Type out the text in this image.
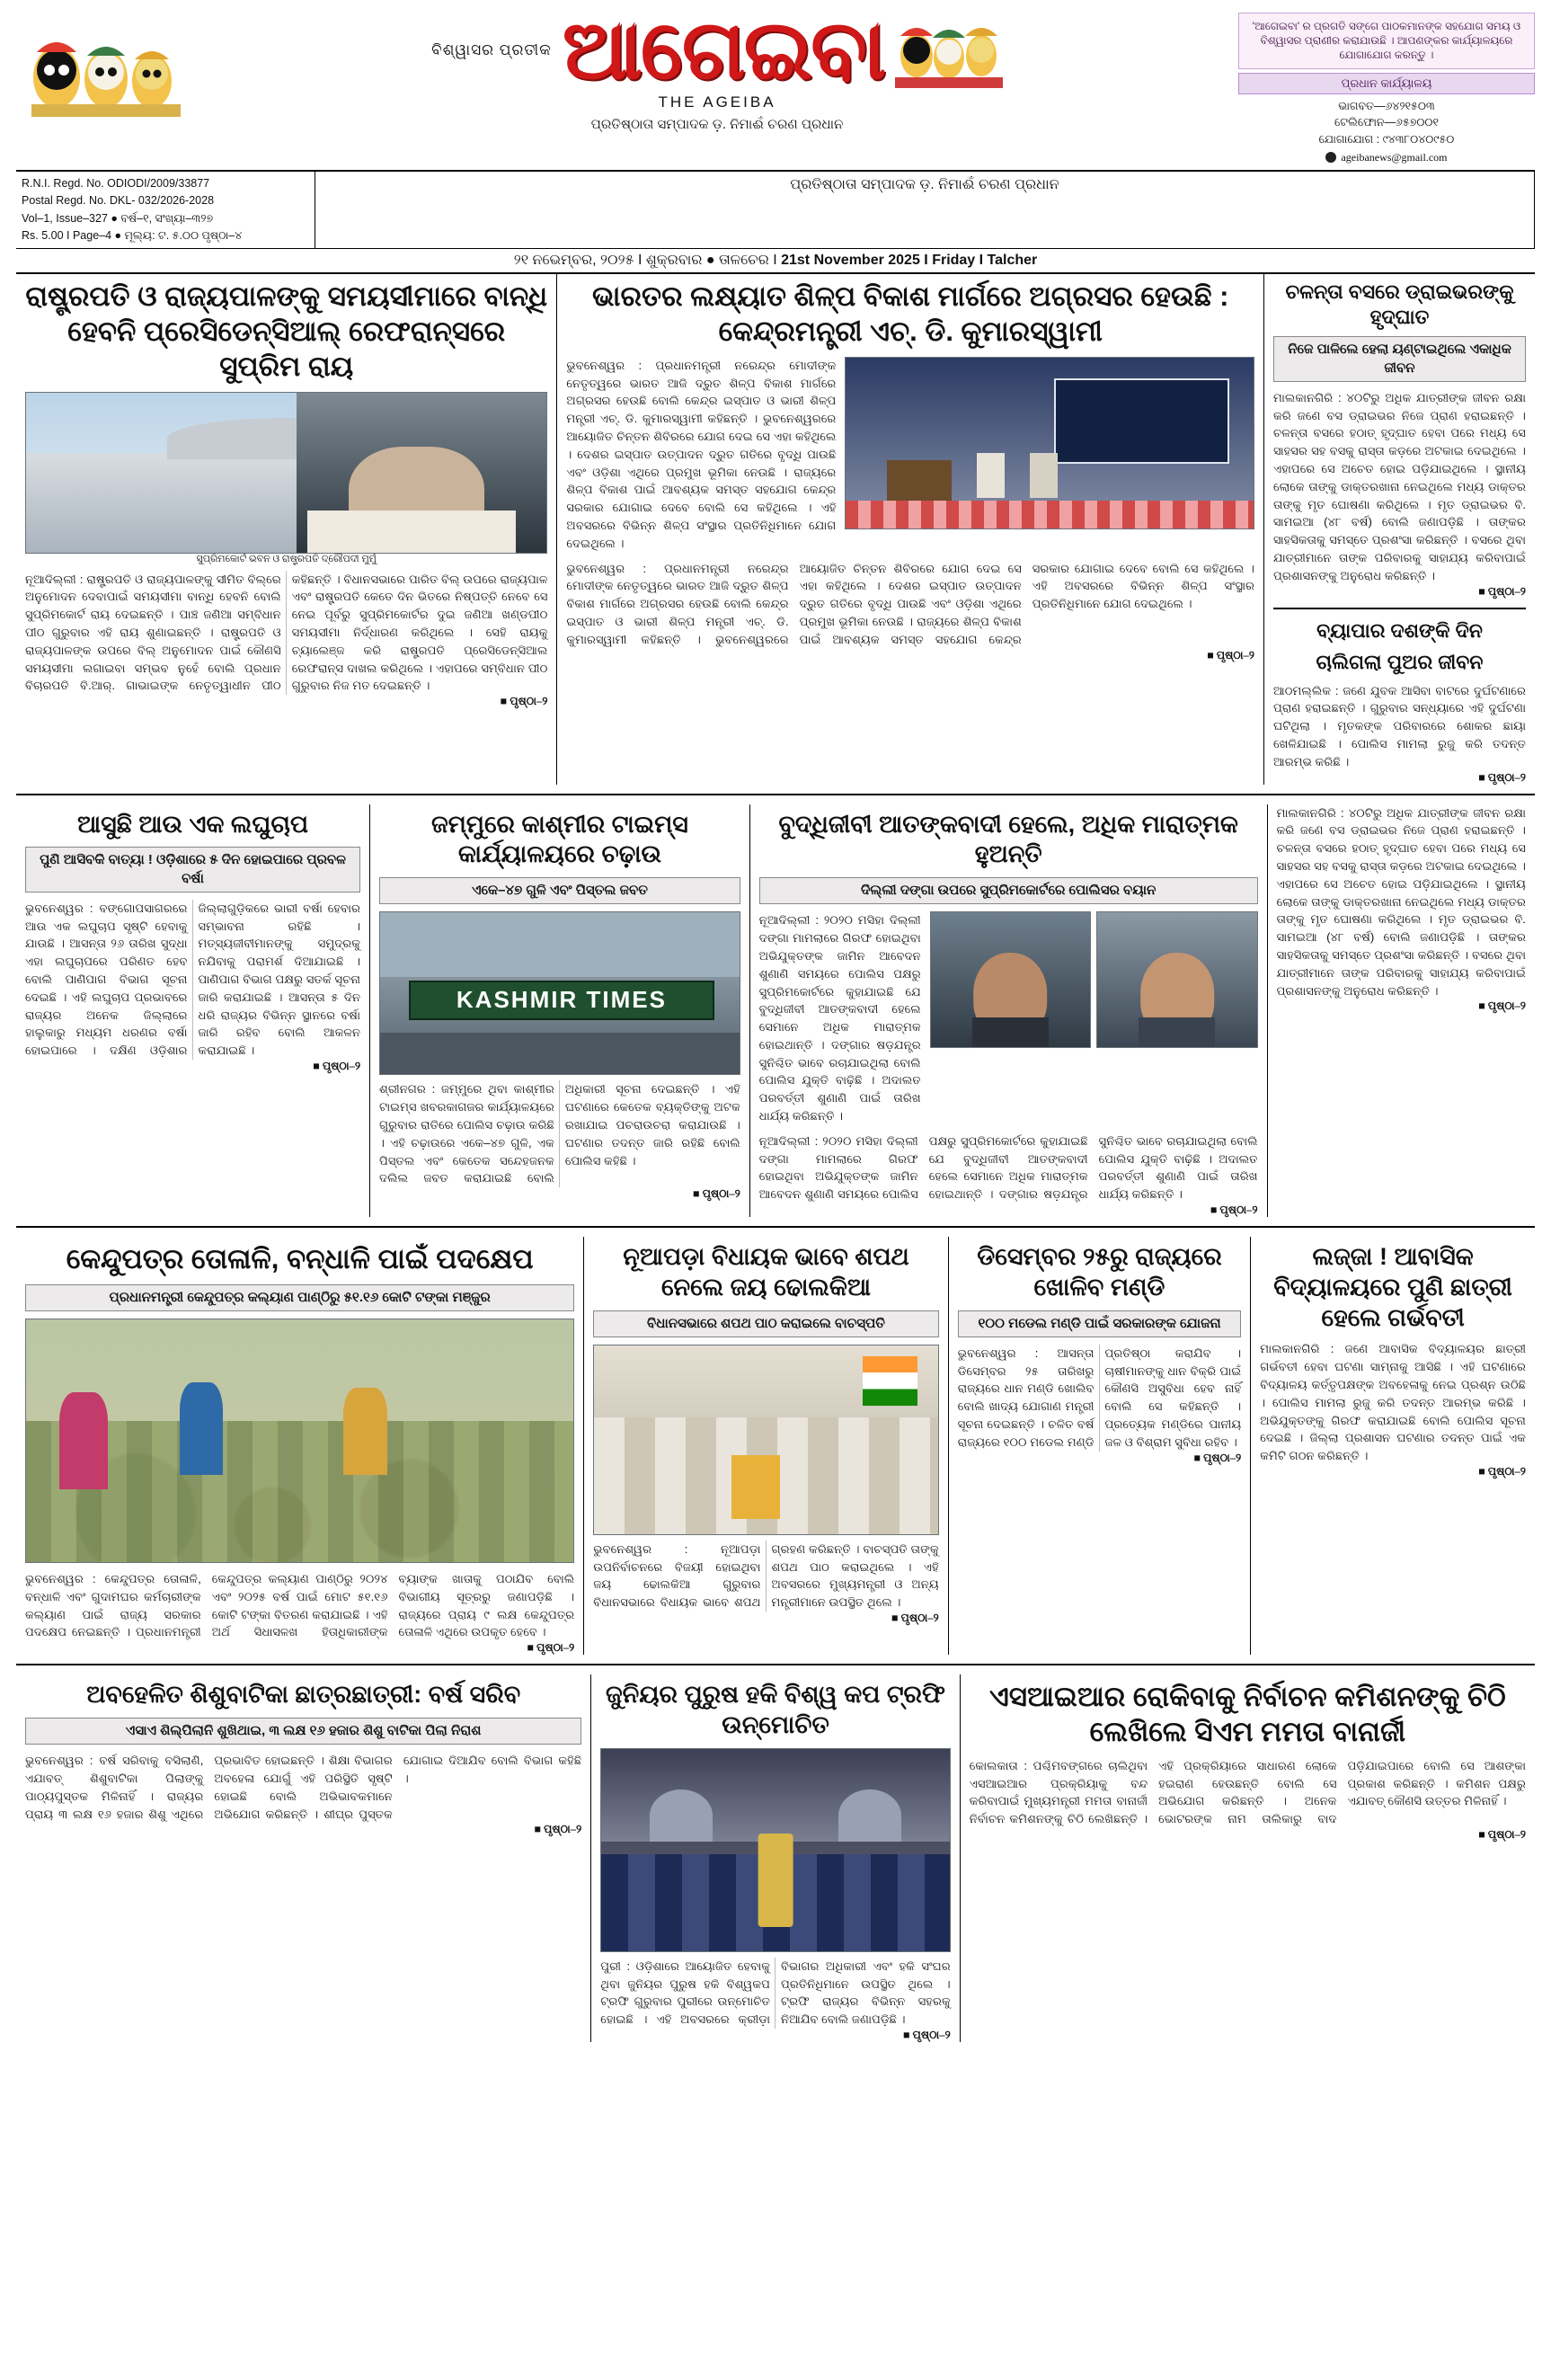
ବିଶ୍ୱାସର ପ୍ରତୀକ ଆଗେଇବା
THE AGEIBA
ପ୍ରତିଷ୍ଠାତା ସମ୍ପାଦକ ଡ଼. ନିମାଈଁ ଚରଣ ପ୍ରଧାନ
'ଆଗେଇବା' ର ପ୍ରଗତି ସଙ୍ଗେ ପାଠକମାନଙ୍କ ସହଯୋଗ ସମୟ ଓ ବିଶ୍ୱାସର ପ୍ରାଣୀର କରାଯାଉଛି । ଆପଣଙ୍କର କାର୍ଯ୍ୟାଳୟରେ ଯୋଗାଯୋଗ କରନ୍ତୁ ।
ପ୍ରଧାନ କାର୍ଯ୍ୟାଳୟ
ଭାଗବତ—୬୪୨୧୫୦୩
ଟେଲିଫୋନ—୬୫୭୦୦୧
ଯୋଗାଯୋଗ : ୯୪୩୮୦୪୦୯୫୦
ageibanews@gmail.com
R.N.I. Regd. No. ODIODI/2009/33877
Postal Regd. No. DKL- 032/2026-2028
Vol–1, Issue–327 ● ବର୍ଷ–୧, ସଂଖ୍ୟା–୩୨୭
Rs. 5.00 I Page–4 ● ମୂଲ୍ୟ: ଟ. ୫.୦୦ ପୃଷ୍ଠା–୪
ପ୍ରତିଷ୍ଠାତା ସମ୍ପାଦକ ଡ଼. ନିମାଈଁ ଚରଣ ପ୍ରଧାନ
୨୧ ନଭେମ୍ବର, ୨୦୨୫ I ଶୁକ୍ରବାର ● ତାଳଚେର I 21st November 2025 I Friday I Talcher
ରାଷ୍ଟ୍ରପତି ଓ ରାଜ୍ୟପାଳଙ୍କୁ ସମୟସୀମାରେ ବାନ୍ଧି ହେବନି ପ୍ରେସିଡେନ୍ସିଆଲ୍ ରେଫରାନ୍ସରେ ସୁପ୍ରିମ ରାୟ
ସୁପ୍ରିମକୋର୍ଟ ଭବନ ଓ ରାଷ୍ଟ୍ରପତି ଦ୍ରୌପଦୀ ମୁର୍ମୁ
ନୂଆଦିଲ୍ଲୀ : ରାଷ୍ଟ୍ରପତି ଓ ରାଜ୍ୟପାଳଙ୍କୁ ସୀମିତ ବିଲ୍‌ରେ ଅନୁମୋଦନ ଦେବାପାଇଁ ସମୟସୀମା ବାନ୍ଧି ହେବନି ବୋଲି ସୁପ୍ରିମକୋର୍ଟ ରାୟ ଦେଇଛନ୍ତି । ପାଞ୍ଚ ଜଣିଆ ସମ୍ବିଧାନ ପୀଠ ଗୁରୁବାର ଏହି ରାୟ ଶୁଣାଇଛନ୍ତି । ରାଷ୍ଟ୍ରପତି ଓ ରାଜ୍ୟପାଳଙ୍କ ଉପରେ ବିଲ୍ ଅନୁମୋଦନ ପାଇଁ କୌଣସି ସମୟସୀମା ଲଗାଇବା ସମ୍ଭବ ନୁହେଁ ବୋଲି ପ୍ରଧାନ ବିଚାରପତି ବି.ଆର୍. ଗାଭାଇଙ୍କ ନେତୃତ୍ୱାଧୀନ ପୀଠ କହିଛନ୍ତି । ବିଧାନସଭାରେ ପାରିତ ବିଲ୍ ଉପରେ ରାଜ୍ୟପାଳ ଏବଂ ରାଷ୍ଟ୍ରପତି କେତେ ଦିନ ଭିତରେ ନିଷ୍ପତ୍ତି ନେବେ ସେ ନେଇ ପୂର୍ବରୁ ସୁପ୍ରିମକୋର୍ଟର ଦୁଇ ଜଣିଆ ଖଣ୍ଡପୀଠ ସମୟସୀମା ନିର୍ଦ୍ଧାରଣ କରିଥିଲେ । ସେହି ରାୟକୁ ଚ୍ୟାଲେଞ୍ଜ କରି ରାଷ୍ଟ୍ରପତି ପ୍ରେସିଡେନ୍ସିଆଲ ରେଫରାନ୍ସ ଦାଖଲ କରିଥିଲେ । ଏହାପରେ ସମ୍ବିଧାନ ପୀଠ ଗୁରୁବାର ନିଜ ମତ ଦେଇଛନ୍ତି ।
■ ପୃଷ୍ଠା–୨
ଭାରତର ଲକ୍ଷ୍ୟାତ ଶିଳ୍ପ ବିକାଶ ମାର୍ଗରେ ଅଗ୍ରସର ହେଉଛି : କେନ୍ଦ୍ରମନ୍ତ୍ରୀ ଏଚ୍. ଡି. କୁମାରସ୍ୱାମୀ
ଭୁବନେଶ୍ୱର : ପ୍ରଧାନମନ୍ତ୍ରୀ ନରେନ୍ଦ୍ର ମୋଦୀଙ୍କ ନେତୃତ୍ୱରେ ଭାରତ ଆଜି ଦ୍ରୁତ ଶିଳ୍ପ ବିକାଶ ମାର୍ଗରେ ଅଗ୍ରସର ହେଉଛି ବୋଲି କେନ୍ଦ୍ର ଇସ୍ପାତ ଓ ଭାରୀ ଶିଳ୍ପ ମନ୍ତ୍ରୀ ଏଚ୍. ଡି. କୁମାରସ୍ୱାମୀ କହିଛନ୍ତି । ଭୁବନେଶ୍ୱରରେ ଆୟୋଜିତ ଚିନ୍ତନ ଶିବିରରେ ଯୋଗ ଦେଇ ସେ ଏହା କହିଥିଲେ । ଦେଶର ଇସ୍ପାତ ଉତ୍ପାଦନ ଦ୍ରୁତ ଗତିରେ ବୃଦ୍ଧି ପାଉଛି ଏବଂ ଓଡ଼ିଶା ଏଥିରେ ପ୍ରମୁଖ ଭୂମିକା ନେଉଛି । ରାଜ୍ୟରେ ଶିଳ୍ପ ବିକାଶ ପାଇଁ ଆବଶ୍ୟକ ସମସ୍ତ ସହଯୋଗ କେନ୍ଦ୍ର ସରକାର ଯୋଗାଇ ଦେବେ ବୋଲି ସେ କହିଥିଲେ । ଏହି ଅବସରରେ ବିଭିନ୍ନ ଶିଳ୍ପ ସଂସ୍ଥାର ପ୍ରତିନିଧିମାନେ ଯୋଗ ଦେଇଥିଲେ ।
ଭୁବନେଶ୍ୱର : ପ୍ରଧାନମନ୍ତ୍ରୀ ନରେନ୍ଦ୍ର ମୋଦୀଙ୍କ ନେତୃତ୍ୱରେ ଭାରତ ଆଜି ଦ୍ରୁତ ଶିଳ୍ପ ବିକାଶ ମାର୍ଗରେ ଅଗ୍ରସର ହେଉଛି ବୋଲି କେନ୍ଦ୍ର ଇସ୍ପାତ ଓ ଭାରୀ ଶିଳ୍ପ ମନ୍ତ୍ରୀ ଏଚ୍. ଡି. କୁମାରସ୍ୱାମୀ କହିଛନ୍ତି । ଭୁବନେଶ୍ୱରରେ ଆୟୋଜିତ ଚିନ୍ତନ ଶିବିରରେ ଯୋଗ ଦେଇ ସେ ଏହା କହିଥିଲେ । ଦେଶର ଇସ୍ପାତ ଉତ୍ପାଦନ ଦ୍ରୁତ ଗତିରେ ବୃଦ୍ଧି ପାଉଛି ଏବଂ ଓଡ଼ିଶା ଏଥିରେ ପ୍ରମୁଖ ଭୂମିକା ନେଉଛି । ରାଜ୍ୟରେ ଶିଳ୍ପ ବିକାଶ ପାଇଁ ଆବଶ୍ୟକ ସମସ୍ତ ସହଯୋଗ କେନ୍ଦ୍ର ସରକାର ଯୋଗାଇ ଦେବେ ବୋଲି ସେ କହିଥିଲେ । ଏହି ଅବସରରେ ବିଭିନ୍ନ ଶିଳ୍ପ ସଂସ୍ଥାର ପ୍ରତିନିଧିମାନେ ଯୋଗ ଦେଇଥିଲେ ।
■ ପୃଷ୍ଠା–୨
ଚଳନ୍ତା ବସରେ ଡ୍ରାଇଭରଙ୍କୁ ହୃଦ୍‌ଘାତ
ନିଜେ ପାଳିଲେ ହେଲା ୟଣ୍ଟାଇଥିଲେ ଏକାଧିକ ଜୀବନ
ମାଲକାନଗିରି : ୪୦ଟିରୁ ଅଧିକ ଯାତ୍ରୀଙ୍କ ଜୀବନ ରକ୍ଷା କରି ଜଣେ ବସ ଡ୍ରାଇଭର ନିଜେ ପ୍ରାଣ ହରାଇଛନ୍ତି । ଚଳନ୍ତା ବସରେ ହଠାତ୍ ହୃଦ୍‌ଘାତ ହେବା ପରେ ମଧ୍ୟ ସେ ସାହସର ସହ ବସକୁ ରାସ୍ତା କଡ଼ରେ ଅଟକାଇ ଦେଇଥିଲେ । ଏହାପରେ ସେ ଅଚେତ ହୋଇ ପଡ଼ିଯାଇଥିଲେ । ସ୍ଥାନୀୟ ଲୋକେ ତାଙ୍କୁ ଡାକ୍ତରଖାନା ନେଇଥିଲେ ମଧ୍ୟ ଡାକ୍ତର ତାଙ୍କୁ ମୃତ ଘୋଷଣା କରିଥିଲେ । ମୃତ ଡ୍ରାଇଭର ବି. ସାମଇଆ (୪୮ ବର୍ଷ) ବୋଲି ଜଣାପଡ଼ିଛି । ତାଙ୍କର ସାହସିକତାକୁ ସମସ୍ତେ ପ୍ରଶଂସା କରିଛନ୍ତି । ବସରେ ଥିବା ଯାତ୍ରୀମାନେ ତାଙ୍କ ପରିବାରକୁ ସାହାଯ୍ୟ କରିବାପାଇଁ ପ୍ରଶାସନଙ୍କୁ ଅନୁରୋଧ କରିଛନ୍ତି ।
■ ପୃଷ୍ଠା–୨
ବ୍ୟାପାର ଦଶଙ୍କି ଦିନ
ଚାଲିଗଲା ପୁଅର ଜୀବନ
ଆଠମଲ୍ଲିକ : ଜଣେ ଯୁବକ ଆସିବା ବାଟରେ ଦୁର୍ଘଟଣାରେ ପ୍ରାଣ ହରାଇଛନ୍ତି । ଗୁରୁବାର ସନ୍ଧ୍ୟାରେ ଏହି ଦୁର୍ଘଟଣା ଘଟିଥିଲା । ମୃତକଙ୍କ ପରିବାରରେ ଶୋକର ଛାୟା ଖେଳିଯାଇଛି । ପୋଲିସ ମାମଲା ରୁଜୁ କରି ତଦନ୍ତ ଆରମ୍ଭ କରିଛି ।
■ ପୃଷ୍ଠା–୨
ଆସୁଛି ଆଉ ଏକ ଲଘୁଚାପ
ପୁଣି ଆସିବକି ବାତ୍ୟା ! ଓଡ଼ିଶାରେ ୫ ଦିନ ହୋଇପାରେ ପ୍ରବଳ ବର୍ଷା
ଭୁବନେଶ୍ୱର : ବଙ୍ଗୋପସାଗରରେ ଆଉ ଏକ ଲଘୁଚାପ ସୃଷ୍ଟି ହେବାକୁ ଯାଉଛି । ଆସନ୍ତା ୨୬ ତାରିଖ ସୁଦ୍ଧା ଏହା ଲଘୁଚାପରେ ପରିଣତ ହେବ ବୋଲି ପାଣିପାଗ ବିଭାଗ ସୂଚନା ଦେଇଛି । ଏହି ଲଘୁଚାପ ପ୍ରଭାବରେ ରାଜ୍ୟର ଅନେକ ଜିଲ୍ଲାରେ ହାଲୁକାରୁ ମଧ୍ୟମ ଧରଣର ବର୍ଷା ହୋଇପାରେ । ଦକ୍ଷିଣ ଓଡ଼ିଶାର ଜିଲ୍ଲାଗୁଡ଼ିକରେ ଭାରୀ ବର୍ଷା ହେବାର ସମ୍ଭାବନା ରହିଛି । ମତ୍ସ୍ୟଜୀବୀମାନଙ୍କୁ ସମୁଦ୍ରକୁ ନଯିବାକୁ ପରାମର୍ଶ ଦିଆଯାଇଛି । ପାଣିପାଗ ବିଭାଗ ପକ୍ଷରୁ ସତର୍କ ସୂଚନା ଜାରି କରାଯାଇଛି । ଆସନ୍ତା ୫ ଦିନ ଧରି ରାଜ୍ୟର ବିଭିନ୍ନ ସ୍ଥାନରେ ବର୍ଷା ଜାରି ରହିବ ବୋଲି ଆକଳନ କରାଯାଇଛି ।
■ ପୃଷ୍ଠା–୨
ଜମ୍ମୁରେ କାଶ୍ମୀର ଟାଇମ୍‌ସ କାର୍ଯ୍ୟାଳୟରେ ଚଢ଼ାଉ
ଏକେ–୪୭ ଗୁଳି ଏବଂ ପିସ୍ତଲ ଜବତ
KASHMIR TIMES
ଶ୍ରୀନଗର : ଜମ୍ମୁରେ ଥିବା କାଶ୍ମୀର ଟାଇମ୍‌ସ ଖବରକାଗଜର କାର୍ଯ୍ୟାଳୟରେ ଗୁରୁବାର ରାତିରେ ପୋଲିସ ଚଢ଼ାଉ କରିଛି । ଏହି ଚଢ଼ାଉରେ ଏକେ–୪୭ ଗୁଳି, ଏକ ପିସ୍ତଲ ଏବଂ କେତେକ ସନ୍ଦେହଜନକ ଦଲିଲ ଜବତ କରାଯାଇଛି ବୋଲି ଅଧିକାରୀ ସୂଚନା ଦେଇଛନ୍ତି । ଏହି ଘଟଣାରେ କେତେକ ବ୍ୟକ୍ତିଙ୍କୁ ଅଟକ ରଖାଯାଇ ପଚରାଉଚରା କରାଯାଉଛି । ଘଟଣାର ତଦନ୍ତ ଜାରି ରହିଛି ବୋଲି ପୋଲିସ କହିଛି ।
■ ପୃଷ୍ଠା–୨
ବୁଦ୍ଧିଜୀବୀ ଆତଙ୍କବାଦୀ ହେଲେ, ଅଧିକ ମାରାତ୍ମକ ହୁଅନ୍ତି
ଦିଲ୍ଲୀ ଦଙ୍ଗା ଉପରେ ସୁପ୍ରିମକୋର୍ଟରେ ପୋଲିସର ବୟାନ
ନୂଆଦିଲ୍ଲୀ : ୨୦୨୦ ମସିହା ଦିଲ୍ଲୀ ଦଙ୍ଗା ମାମଲାରେ ଗିରଫ ହୋଇଥିବା ଅଭିଯୁକ୍ତଙ୍କ ଜାମିନ ଆବେଦନ ଶୁଣାଣି ସମୟରେ ପୋଲିସ ପକ୍ଷରୁ ସୁପ୍ରିମକୋର୍ଟରେ କୁହାଯାଇଛି ଯେ ବୁଦ୍ଧିଜୀବୀ ଆତଙ୍କବାଦୀ ହେଲେ ସେମାନେ ଅଧିକ ମାରାତ୍ମକ ହୋଇଥାନ୍ତି । ଦଙ୍ଗାର ଷଡ଼ଯନ୍ତ୍ର ସୁନିଶ୍ଚିତ ଭାବେ ରଚାଯାଇଥିଲା ବୋଲି ପୋଲିସ ଯୁକ୍ତି ବାଢ଼ିଛି । ଅଦାଲତ ପରବର୍ତ୍ତୀ ଶୁଣାଣି ପାଇଁ ତାରିଖ ଧାର୍ଯ୍ୟ କରିଛନ୍ତି ।
ନୂଆଦିଲ୍ଲୀ : ୨୦୨୦ ମସିହା ଦିଲ୍ଲୀ ଦଙ୍ଗା ମାମଲାରେ ଗିରଫ ହୋଇଥିବା ଅଭିଯୁକ୍ତଙ୍କ ଜାମିନ ଆବେଦନ ଶୁଣାଣି ସମୟରେ ପୋଲିସ ପକ୍ଷରୁ ସୁପ୍ରିମକୋର୍ଟରେ କୁହାଯାଇଛି ଯେ ବୁଦ୍ଧିଜୀବୀ ଆତଙ୍କବାଦୀ ହେଲେ ସେମାନେ ଅଧିକ ମାରାତ୍ମକ ହୋଇଥାନ୍ତି । ଦଙ୍ଗାର ଷଡ଼ଯନ୍ତ୍ର ସୁନିଶ୍ଚିତ ଭାବେ ରଚାଯାଇଥିଲା ବୋଲି ପୋଲିସ ଯୁକ୍ତି ବାଢ଼ିଛି । ଅଦାଲତ ପରବର୍ତ୍ତୀ ଶୁଣାଣି ପାଇଁ ତାରିଖ ଧାର୍ଯ୍ୟ କରିଛନ୍ତି ।
■ ପୃଷ୍ଠା–୨
ମାଲକାନଗିରି : ୪୦ଟିରୁ ଅଧିକ ଯାତ୍ରୀଙ୍କ ଜୀବନ ରକ୍ଷା କରି ଜଣେ ବସ ଡ୍ରାଇଭର ନିଜେ ପ୍ରାଣ ହରାଇଛନ୍ତି । ଚଳନ୍ତା ବସରେ ହଠାତ୍ ହୃଦ୍‌ଘାତ ହେବା ପରେ ମଧ୍ୟ ସେ ସାହସର ସହ ବସକୁ ରାସ୍ତା କଡ଼ରେ ଅଟକାଇ ଦେଇଥିଲେ । ଏହାପରେ ସେ ଅଚେତ ହୋଇ ପଡ଼ିଯାଇଥିଲେ । ସ୍ଥାନୀୟ ଲୋକେ ତାଙ୍କୁ ଡାକ୍ତରଖାନା ନେଇଥିଲେ ମଧ୍ୟ ଡାକ୍ତର ତାଙ୍କୁ ମୃତ ଘୋଷଣା କରିଥିଲେ । ମୃତ ଡ୍ରାଇଭର ବି. ସାମଇଆ (୪୮ ବର୍ଷ) ବୋଲି ଜଣାପଡ଼ିଛି । ତାଙ୍କର ସାହସିକତାକୁ ସମସ୍ତେ ପ୍ରଶଂସା କରିଛନ୍ତି । ବସରେ ଥିବା ଯାତ୍ରୀମାନେ ତାଙ୍କ ପରିବାରକୁ ସାହାଯ୍ୟ କରିବାପାଇଁ ପ୍ରଶାସନଙ୍କୁ ଅନୁରୋଧ କରିଛନ୍ତି ।
■ ପୃଷ୍ଠା–୨
କେନ୍ଦୁପତ୍ର ତୋଳାଳି, ବନ୍ଧାଳି ପାଇଁ ପଦକ୍ଷେପ
ପ୍ରଧାନମନ୍ତ୍ରୀ କେନ୍ଦୁପତ୍ର କଲ୍ୟାଣ ପାଣ୍ଠିରୁ ୫୧.୧୬ କୋଟି ଟଙ୍କା ମଞ୍ଜୁର
ଭୁବନେଶ୍ୱର : କେନ୍ଦୁପତ୍ର ତୋଳାଳି, ବନ୍ଧାଳି ଏବଂ ଗୁଦାମଘର କର୍ମଚାରୀଙ୍କ କଲ୍ୟାଣ ପାଇଁ ରାଜ୍ୟ ସରକାର ପଦକ୍ଷେପ ନେଇଛନ୍ତି । ପ୍ରଧାନମନ୍ତ୍ରୀ କେନ୍ଦୁପତ୍ର କଲ୍ୟାଣ ପାଣ୍ଠିରୁ ୨୦୨୪ ଏବଂ ୨୦୨୫ ବର୍ଷ ପାଇଁ ମୋଟ ୫୧.୧୬ କୋଟି ଟଙ୍କା ବିତରଣ କରାଯାଇଛି । ଏହି ଅର୍ଥ ସିଧାସଳଖ ହିତାଧିକାରୀଙ୍କ ବ୍ୟାଙ୍କ ଖାତାକୁ ପଠାଯିବ ବୋଲି ବିଭାଗୀୟ ସୂତ୍ରରୁ ଜଣାପଡ଼ିଛି । ରାଜ୍ୟରେ ପ୍ରାୟ ୯ ଲକ୍ଷ କେନ୍ଦୁପତ୍ର ତୋଳାଳି ଏଥିରେ ଉପକୃତ ହେବେ ।
■ ପୃଷ୍ଠା–୨
ନୂଆପଡ଼ା ବିଧାୟକ ଭାବେ ଶପଥ ନେଲେ ଜୟ ଢୋଲକିଆ
ବିଧାନସଭାରେ ଶପଥ ପାଠ କରାଇଲେ ବାଚସ୍ପତି
ଭୁବନେଶ୍ୱର : ନୂଆପଡ଼ା ଉପନିର୍ବାଚନରେ ବିଜୟୀ ହୋଇଥିବା ଜୟ ଢୋଲକିଆ ଗୁରୁବାର ବିଧାନସଭାରେ ବିଧାୟକ ଭାବେ ଶପଥ ଗ୍ରହଣ କରିଛନ୍ତି । ବାଚସ୍ପତି ତାଙ୍କୁ ଶପଥ ପାଠ କରାଇଥିଲେ । ଏହି ଅବସରରେ ମୁଖ୍ୟମନ୍ତ୍ରୀ ଓ ଅନ୍ୟ ମନ୍ତ୍ରୀମାନେ ଉପସ୍ଥିତ ଥିଲେ ।
■ ପୃଷ୍ଠା–୨
ଡିସେମ୍ବର ୨୫ରୁ ରାଜ୍ୟରେ ଖୋଳିବ ମଣ୍ଡି
୧୦୦ ମଡେଲ ମଣ୍ଡି ପାଇଁ ସରକାରଙ୍କ ଯୋଜନା
ଭୁବନେଶ୍ୱର : ଆସନ୍ତା ଡିସେମ୍ବର ୨୫ ତାରିଖରୁ ରାଜ୍ୟରେ ଧାନ ମଣ୍ଡି ଖୋଲିବ ବୋଲି ଖାଦ୍ୟ ଯୋଗାଣ ମନ୍ତ୍ରୀ ସୂଚନା ଦେଇଛନ୍ତି । ଚଳିତ ବର୍ଷ ରାଜ୍ୟରେ ୧୦୦ ମଡେଲ ମଣ୍ଡି ପ୍ରତିଷ୍ଠା କରାଯିବ । ଚାଷୀମାନଙ୍କୁ ଧାନ ବିକ୍ରି ପାଇଁ କୌଣସି ଅସୁବିଧା ହେବ ନାହିଁ ବୋଲି ସେ କହିଛନ୍ତି । ପ୍ରତ୍ୟେକ ମଣ୍ଡିରେ ପାନୀୟ ଜଳ ଓ ବିଶ୍ରାମ ସୁବିଧା ରହିବ ।
■ ପୃଷ୍ଠା–୨
ଲଜ୍ଜା ! ଆବାସିକ ବିଦ୍ୟାଳୟରେ ପୁଣି ଛାତ୍ରୀ ହେଲେ ଗର୍ଭବତୀ
ମାଲକାନଗିରି : ଜଣେ ଆବାସିକ ବିଦ୍ୟାଳୟର ଛାତ୍ରୀ ଗର୍ଭବତୀ ହେବା ଘଟଣା ସାମ୍ନାକୁ ଆସିଛି । ଏହି ଘଟଣାରେ ବିଦ୍ୟାଳୟ କର୍ତ୍ତୃପକ୍ଷଙ୍କ ଅବହେଳାକୁ ନେଇ ପ୍ରଶ୍ନ ଉଠିଛି । ପୋଲିସ ମାମଲା ରୁଜୁ କରି ତଦନ୍ତ ଆରମ୍ଭ କରିଛି । ଅଭିଯୁକ୍ତଙ୍କୁ ଗିରଫ କରାଯାଇଛି ବୋଲି ପୋଲିସ ସୂଚନା ଦେଇଛି । ଜିଲ୍ଲା ପ୍ରଶାସନ ଘଟଣାର ତଦନ୍ତ ପାଇଁ ଏକ କମିଟି ଗଠନ କରିଛନ୍ତି ।
■ ପୃଷ୍ଠା–୨
ଅବହେଳିତ ଶିଶୁବାଟିକା ଛାତ୍ରଛାତ୍ରୀ: ବର୍ଷ ସରିବ
ଏସାଏ ଶିଲ୍ପିଲାନି ଶୁଖିଥାଇ, ୩ ଲକ୍ଷ ୧୬ ହଜାର ଶିଶୁ ବାଟିକା ପିଲା ନିରାଶ
ଭୁବନେଶ୍ୱର : ବର୍ଷ ସରିବାକୁ ବସିଲାଣି, ଏଯାବତ୍ ଶିଶୁବାଟିକା ପିଲାଙ୍କୁ ପାଠ୍ୟପୁସ୍ତକ ମିଳିନାହିଁ । ରାଜ୍ୟର ପ୍ରାୟ ୩ ଲକ୍ଷ ୧୬ ହଜାର ଶିଶୁ ଏଥିରେ ପ୍ରଭାବିତ ହୋଇଛନ୍ତି । ଶିକ୍ଷା ବିଭାଗର ଅବହେଳା ଯୋଗୁଁ ଏହି ପରିସ୍ଥିତି ସୃଷ୍ଟି ହୋଇଛି ବୋଲି ଅଭିଭାବକମାନେ ଅଭିଯୋଗ କରିଛନ୍ତି । ଶୀଘ୍ର ପୁସ୍ତକ ଯୋଗାଇ ଦିଆଯିବ ବୋଲି ବିଭାଗ କହିଛି ।
■ ପୃଷ୍ଠା–୨
ଜୁନିୟର ପୁରୁଷ ହକି ବିଶ୍ୱ କପ ଟ୍ରଫି ଉନ୍ମୋଚିତ
ପୁରୀ : ଓଡ଼ିଶାରେ ଆୟୋଜିତ ହେବାକୁ ଥିବା ଜୁନିୟର ପୁରୁଷ ହକି ବିଶ୍ୱକପ ଟ୍ରଫି ଗୁରୁବାର ପୁରୀରେ ଉନ୍ମୋଚିତ ହୋଇଛି । ଏହି ଅବସରରେ କ୍ରୀଡ଼ା ବିଭାଗର ଅଧିକାରୀ ଏବଂ ହକି ସଂଘର ପ୍ରତିନିଧିମାନେ ଉପସ୍ଥିତ ଥିଲେ । ଟ୍ରଫି ରାଜ୍ୟର ବିଭିନ୍ନ ସହରକୁ ନିଆଯିବ ବୋଲି ଜଣାପଡ଼ିଛି ।
■ ପୃଷ୍ଠା–୨
ଏସଆଇଆର ରୋକିବାକୁ ନିର୍ବାଚନ କମିଶନଙ୍କୁ ଚିଠି ଲେଖିଲେ ସିଏମ ମମତା ବାନାର୍ଜୀ
କୋଲକାତା : ପଶ୍ଚିମବଙ୍ଗରେ ଚାଲିଥିବା ଏସଆଇଆର ପ୍ରକ୍ରିୟାକୁ ବନ୍ଦ କରିବାପାଇଁ ମୁଖ୍ୟମନ୍ତ୍ରୀ ମମତା ବାନାର୍ଜୀ ନିର୍ବାଚନ କମିଶନଙ୍କୁ ଚିଠି ଲେଖିଛନ୍ତି । ଏହି ପ୍ରକ୍ରିୟାରେ ସାଧାରଣ ଲୋକେ ହଇରାଣ ହେଉଛନ୍ତି ବୋଲି ସେ ଅଭିଯୋଗ କରିଛନ୍ତି । ଅନେକ ଭୋଟରଙ୍କ ନାମ ତାଲିକାରୁ ବାଦ ପଡ଼ିଯାଇପାରେ ବୋଲି ସେ ଆଶଙ୍କା ପ୍ରକାଶ କରିଛନ୍ତି । କମିଶନ ପକ୍ଷରୁ ଏଯାବତ୍ କୌଣସି ଉତ୍ତର ମିଳିନାହିଁ ।
■ ପୃଷ୍ଠା–୨
